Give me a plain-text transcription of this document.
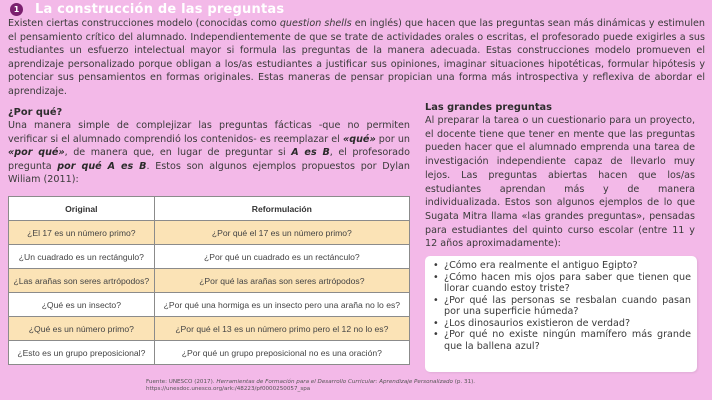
1 La construcción de las preguntas

Existen ciertas construcciones modelo (conocidas como question shells en inglés) que hacen que las preguntas sean más dinámicas y estimulen el pensamiento crítico del alumnado. Independientemente de que se trate de actividades orales o escritas, el profesorado puede exigirles a sus estudiantes un esfuerzo intelectual mayor si formula las preguntas de la manera adecuada. Estas construcciones modelo promueven el aprendizaje personalizado porque obligan a los/as estudiantes a justificar sus opiniones, imaginar situaciones hipotéticas, formular hipótesis y potenciar sus pensamientos en formas originales. Estas maneras de pensar propician una forma más introspectiva y reflexiva de abordar el aprendizaje.

¿Por qué?

Una manera simple de complejizar las preguntas fácticas -que no permiten verificar si el alumnado comprendió los contenidos- es reemplazar el «qué» por un «por qué», de manera que, en lugar de preguntar si A es B, el profesorado pregunta por qué A es B. Estos son algunos ejemplos propuestos por Dylan Wiliam (2011):

Original	Reformulación
¿El 17 es un número primo?	¿Por qué el 17 es un número primo?
¿Un cuadrado es un rectángulo?	¿Por qué un cuadrado es un rectánculo?
¿Las arañas son seres artrópodos?	¿Por qué las arañas son seres artrópodos?
¿Qué es un insecto?	¿Por qué una hormiga es un insecto pero una araña no lo es?
¿Qué es un número primo?	¿Por qué el 13 es un número primo pero el 12 no lo es?
¿Esto es un grupo preposicional?	¿Por qué un grupo preposicional no es una oración?
Fuente: UNESCO (2017). Herramientas de Formación para el Desarrollo Curricular: Aprendizaje Personalizado (p. 31).
https://unesdoc.unesco.org/ark:/48223/pf0000250057_spa

Las grandes preguntas

Al preparar la tarea o un cuestionario para un proyecto, el docente tiene que tener en mente que las preguntas pueden hacer que el alumnado emprenda una tarea de investigación independiente capaz de llevarlo muy lejos. Las preguntas abiertas hacen que los/as estudiantes aprendan más y de manera individualizada. Estos son algunos ejemplos de lo que Sugata Mitra llama «las grandes preguntas», pensadas para estudiantes del quinto curso escolar (entre 11 y 12 años aproximadamente):

• ¿Cómo era realmente el antiguo Egipto?
• ¿Cómo hacen mis ojos para saber que tienen que llorar cuando estoy triste?
• ¿Por qué las personas se resbalan cuando pasan por una superficie húmeda?
• ¿Los dinosaurios existieron de verdad?
• ¿Por qué no existe ningún mamífero más grande que la ballena azul?
